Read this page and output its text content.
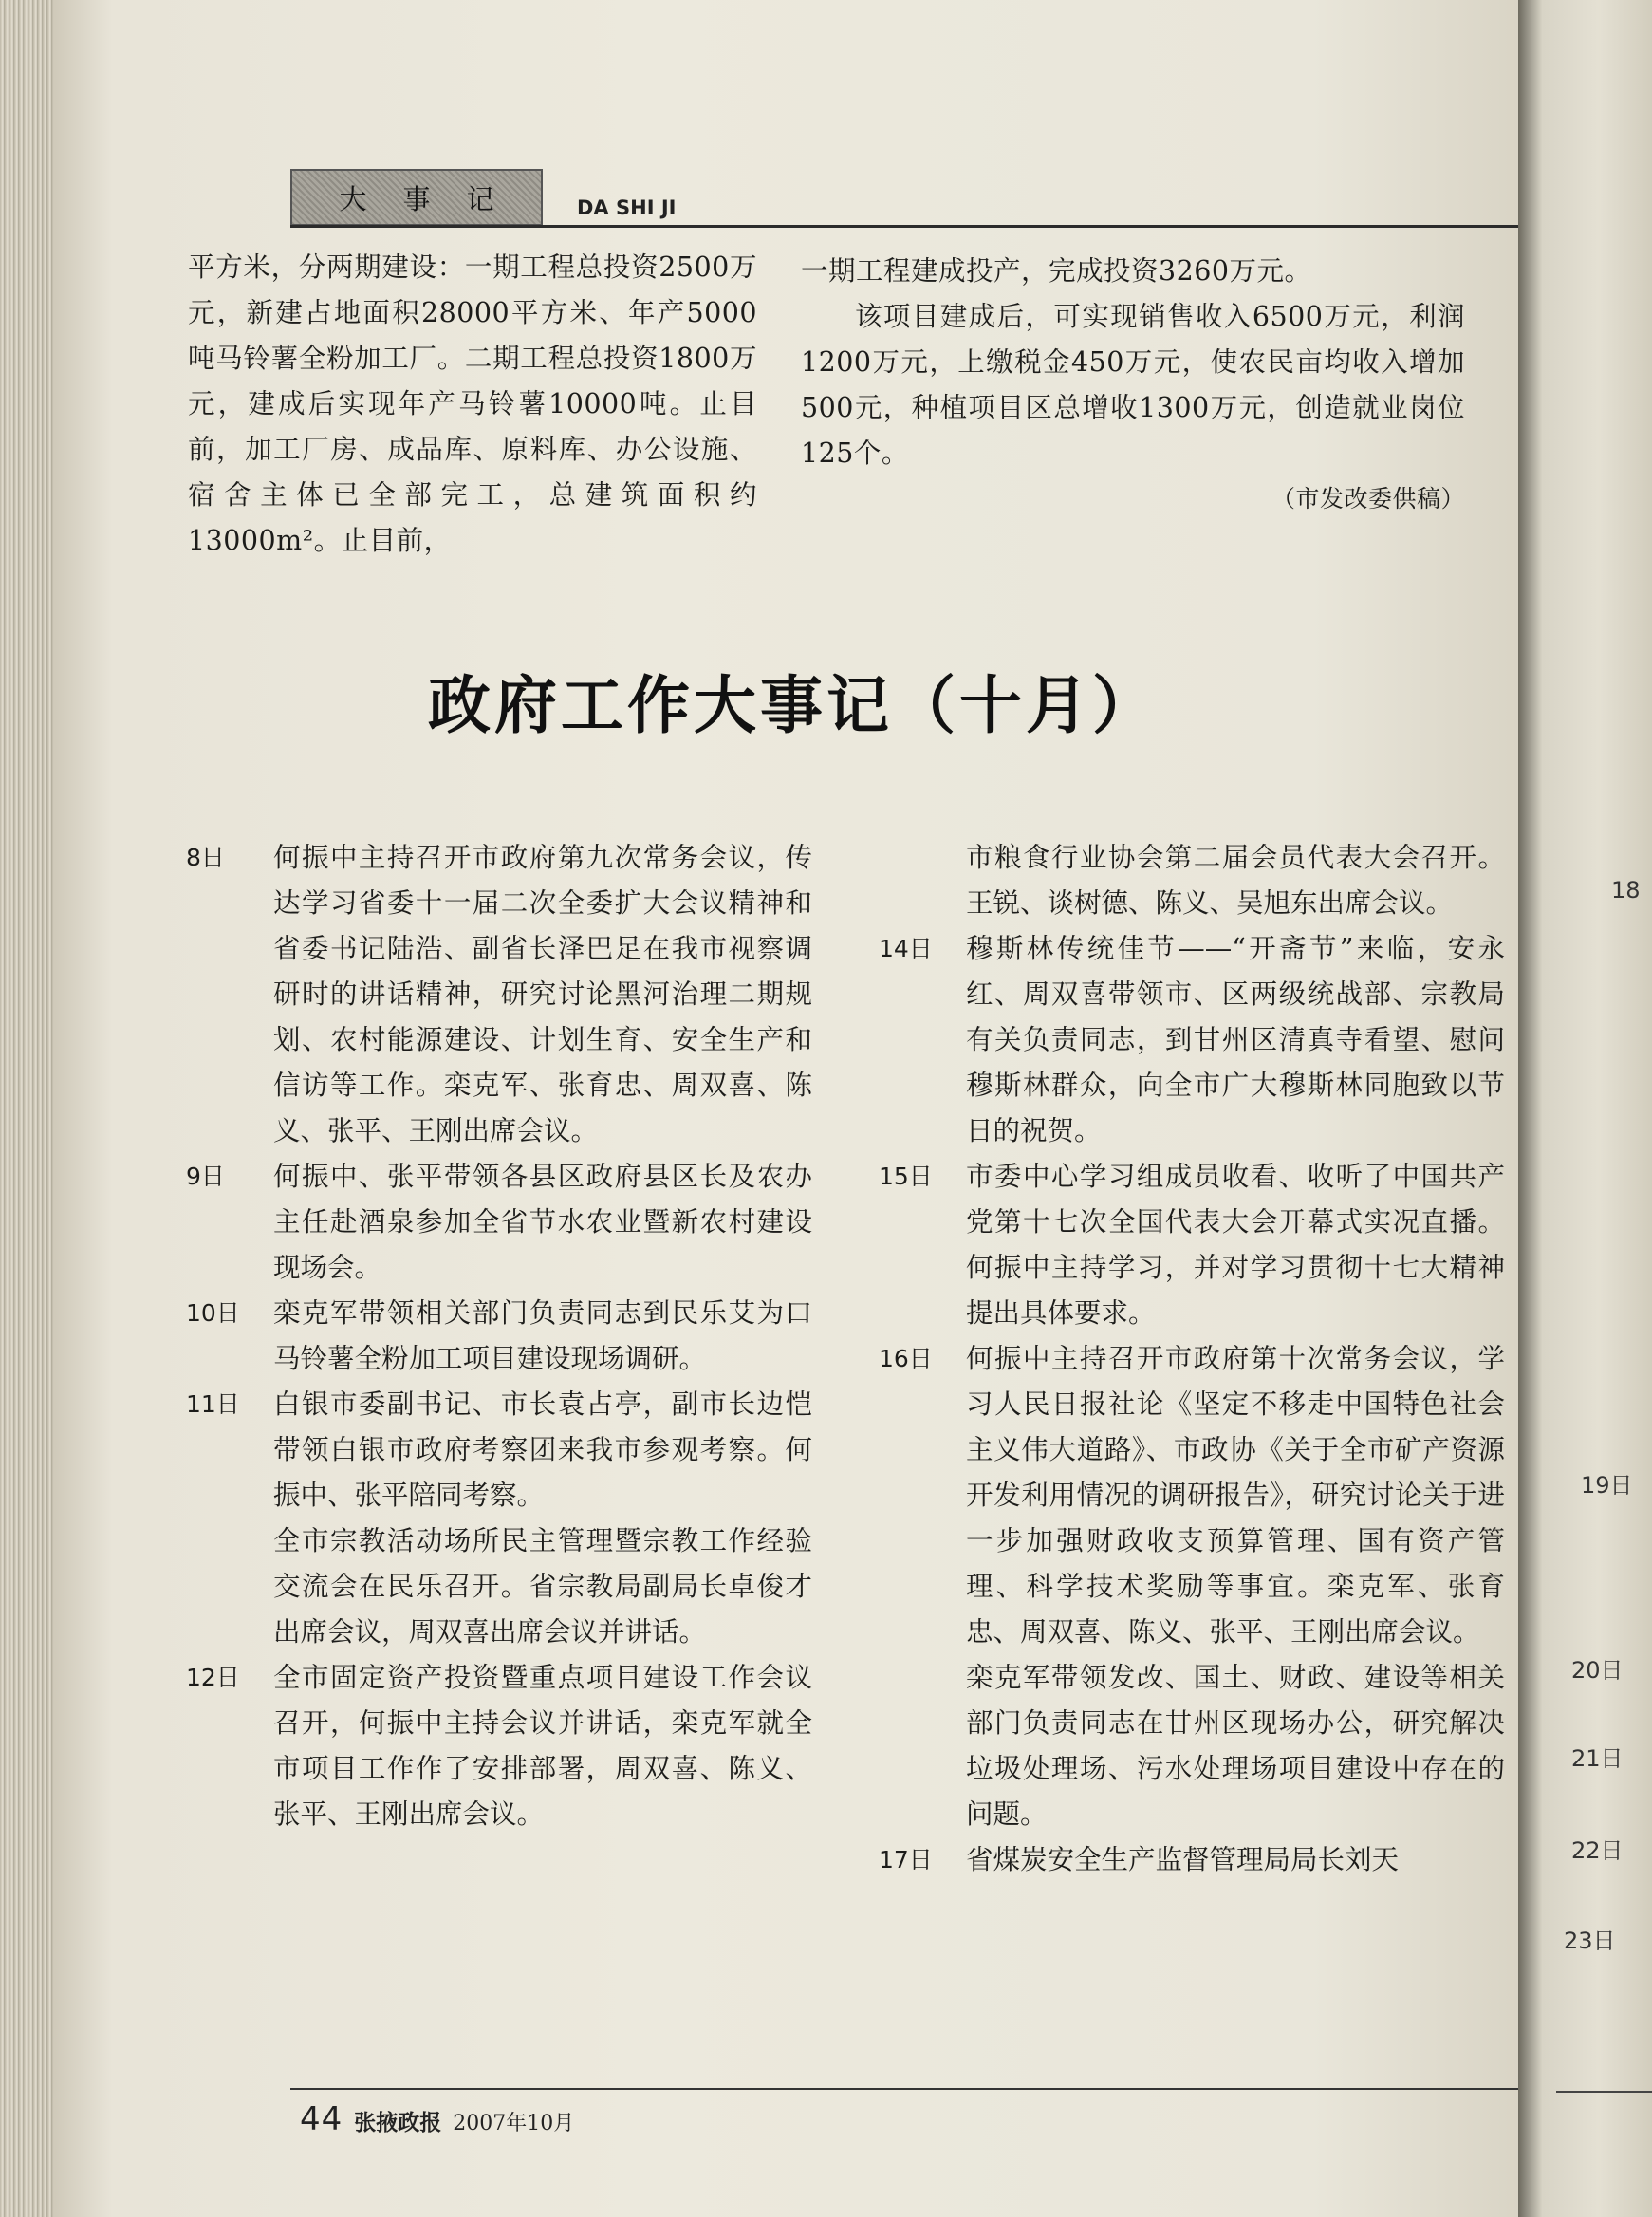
大事记 DA SHI JI

平方米，分两期建设：一期工程总投资2500万元，新建占地面积28000平方米、年产5000吨马铃薯全粉加工厂。二期工程总投资1800万元，建成后实现年产马铃薯10000吨。止目前，加工厂房、成品库、原料库、办公设施、宿舍主体已全部完工，总建筑面积约13000m²。止目前，

一期工程建成投产，完成投资3260万元。

该项目建成后，可实现销售收入6500万元，利润1200万元，上缴税金450万元，使农民亩均收入增加500元，种植项目区总增收1300万元，创造就业岗位125个。

（市发改委供稿）

政府工作大事记（十月）
8日	何振中主持召开市政府第九次常务会议，传达学习省委十一届二次全委扩大会议精神和省委书记陆浩、副省长泽巴足在我市视察调研时的讲话精神，研究讨论黑河治理二期规划、农村能源建设、计划生育、安全生产和信访等工作。栾克军、张育忠、周双喜、陈义、张平、王刚出席会议。
9日	何振中、张平带领各县区政府县区长及农办主任赴酒泉参加全省节水农业暨新农村建设现场会。
10日	栾克军带领相关部门负责同志到民乐艾为口马铃薯全粉加工项目建设现场调研。
11日	白银市委副书记、市长袁占亭，副市长边恺带领白银市政府考察团来我市参观考察。何振中、张平陪同考察。
全市宗教活动场所民主管理暨宗教工作经验交流会在民乐召开。省宗教局副局长卓俊才出席会议，周双喜出席会议并讲话。
12日	全市固定资产投资暨重点项目建设工作会议召开，何振中主持会议并讲话，栾克军就全市项目工作作了安排部署，周双喜、陈义、张平、王刚出席会议。
市粮食行业协会第二届会员代表大会召开。王锐、谈树德、陈义、吴旭东出席会议。
14日	穆斯林传统佳节——“开斋节”来临，安永红、周双喜带领市、区两级统战部、宗教局有关负责同志，到甘州区清真寺看望、慰问穆斯林群众，向全市广大穆斯林同胞致以节日的祝贺。
15日	市委中心学习组成员收看、收听了中国共产党第十七次全国代表大会开幕式实况直播。何振中主持学习，并对学习贯彻十七大精神提出具体要求。
16日	何振中主持召开市政府第十次常务会议，学习人民日报社论《坚定不移走中国特色社会主义伟大道路》、市政协《关于全市矿产资源开发利用情况的调研报告》，研究讨论关于进一步加强财政收支预算管理、国有资产管理、科学技术奖励等事宜。栾克军、张育忠、周双喜、陈义、张平、王刚出席会议。
栾克军带领发改、国土、财政、建设等相关部门负责同志在甘州区现场办公，研究解决垃圾处理场、污水处理场项目建设中存在的问题。
17日	省煤炭安全生产监督管理局局长刘天
44 张掖政报 2007年10月
18
19日
20日
21日
22日
23日
